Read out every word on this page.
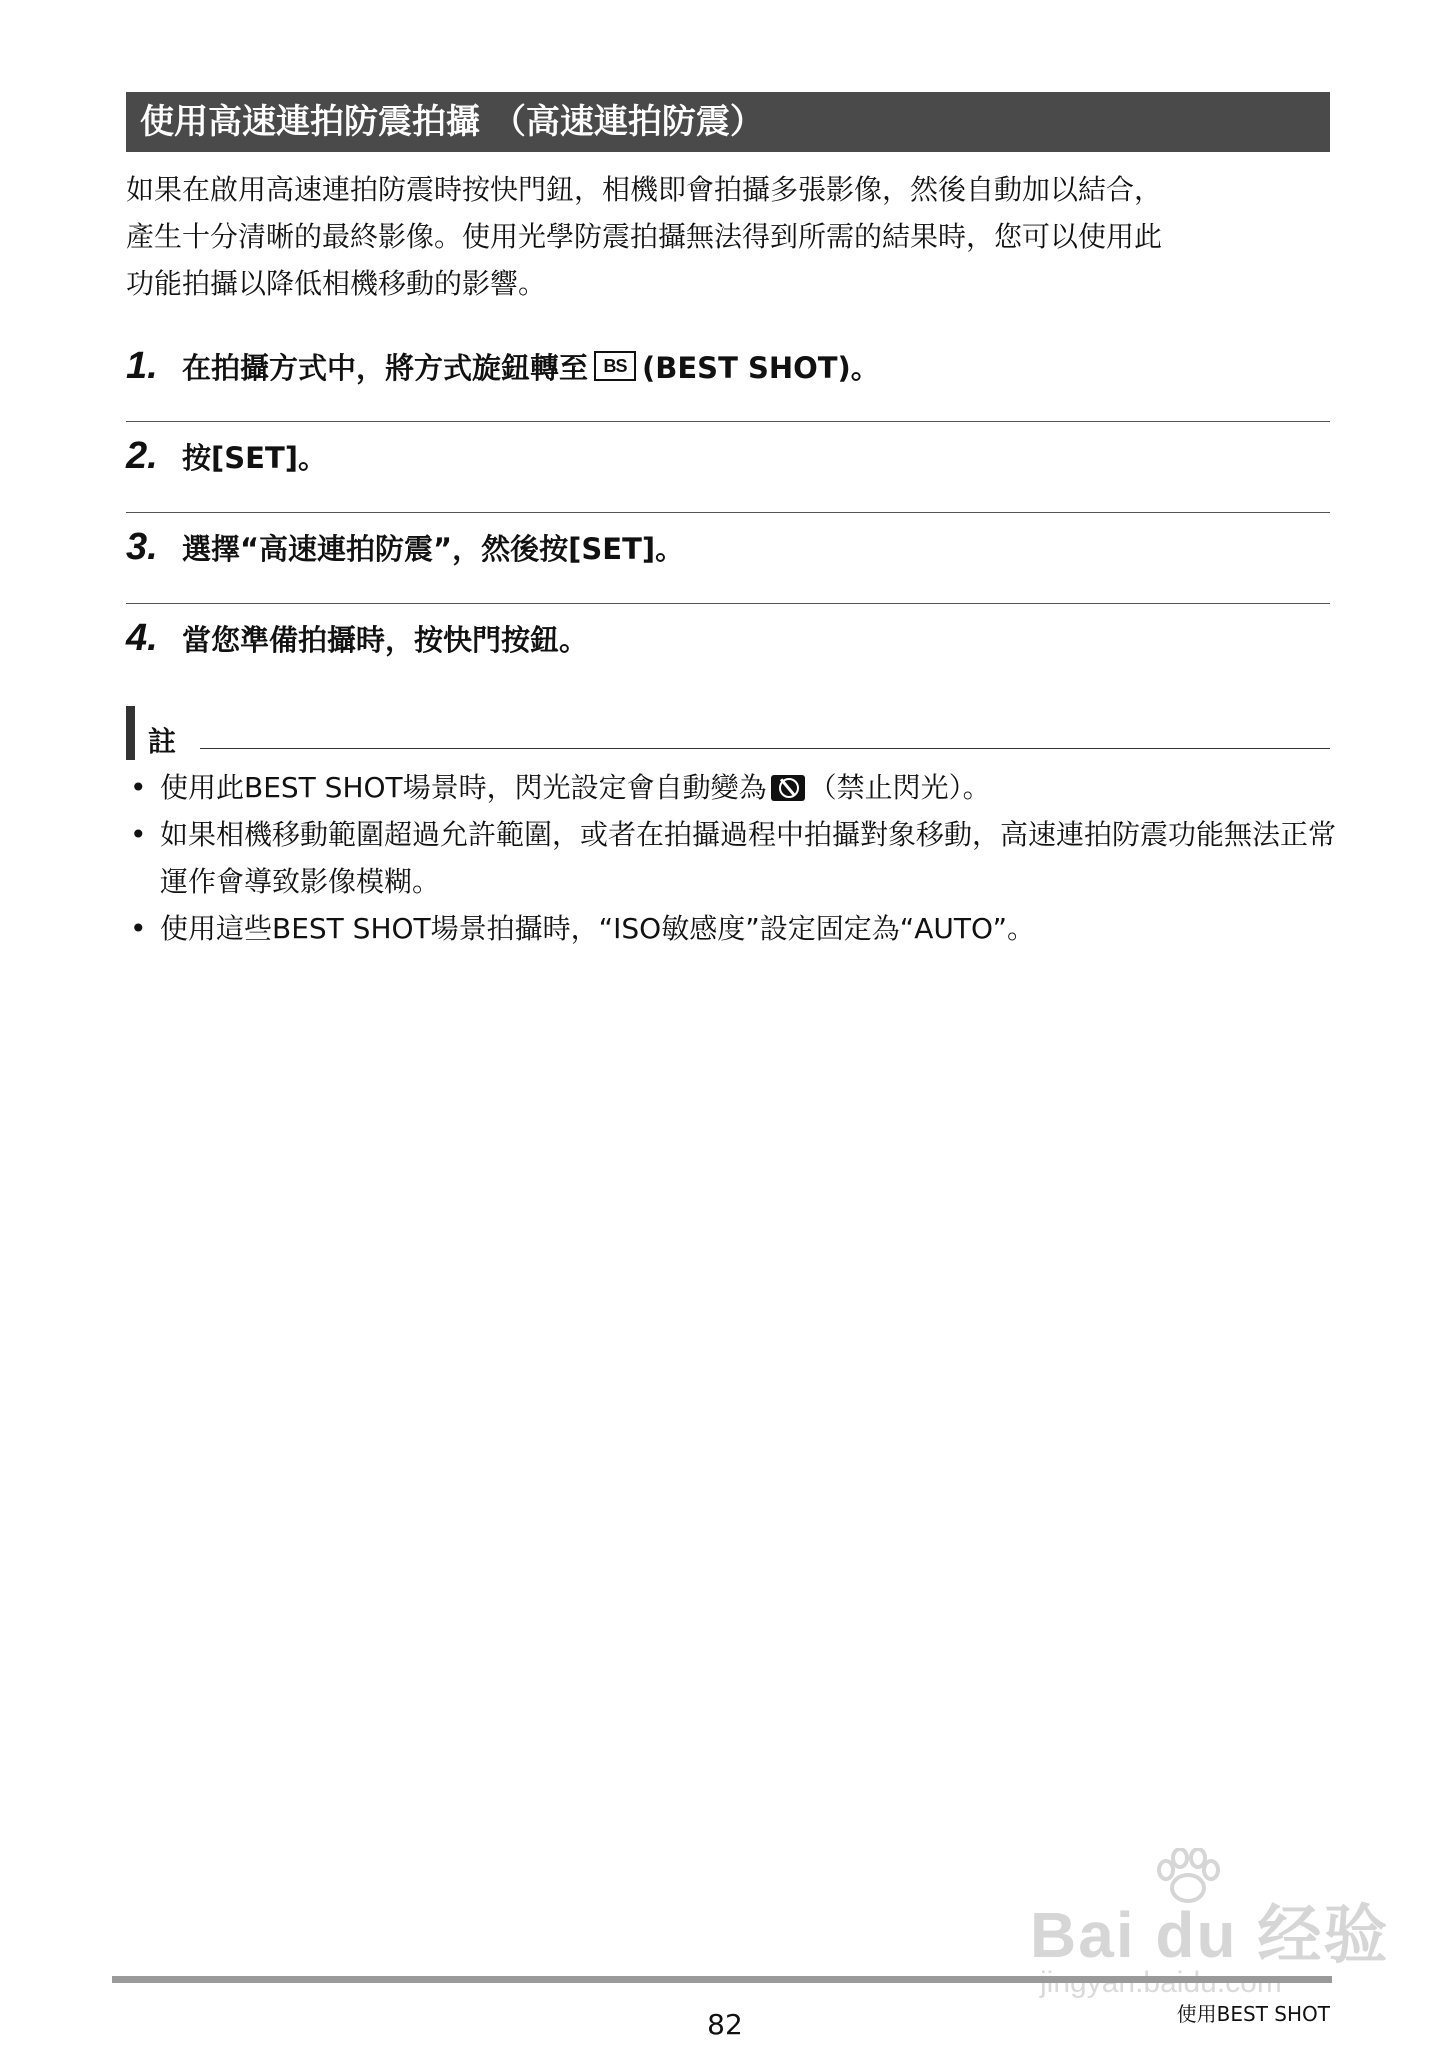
使用高速連拍防震拍攝 （高速連拍防震）

如果在啟用高速連拍防震時按快門鈕，相機即會拍攝多張影像，然後自動加以結合，

產生十分清晰的最終影像。使用光學防震拍攝無法得到所需的結果時，您可以使用此

功能拍攝以降低相機移動的影響。

1. 在拍攝方式中，將方式旋鈕轉至 BS (BEST SHOT)。
2. 按[SET]。
3. 選擇“高速連拍防震”，然後按[SET]。
4. 當您準備拍攝時，按快門按鈕。
註
• 使用此BEST SHOT場景時，閃光設定會自動變為 （禁止閃光）。
• 如果相機移動範圍超過允許範圍，或者在拍攝過程中拍攝對象移動，高速連拍防震功能無法正常運作會導致影像模糊。
• 使用這些BEST SHOT場景拍攝時，“ISO敏感度”設定固定為“AUTO”。
Bai du 经验
82	使用BEST SHOT
